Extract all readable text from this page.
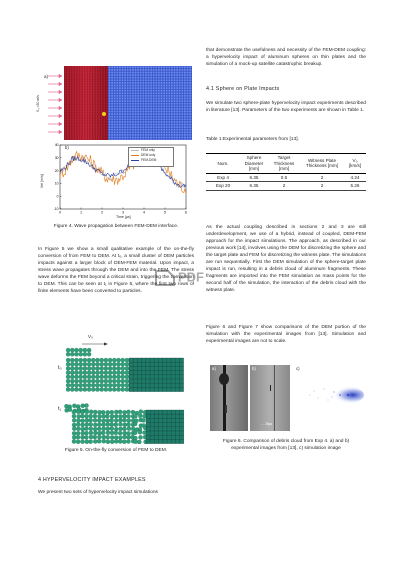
a)
V₀ =50 m/s
b)
Vel [m/s]
40
30
20
10
0
-10
0	1	2	3	4	5	6
FEM only
DEM only
FEM-DEM
Time [µs]

Figure 4. Wave propagation between FEM-DEM interface.

In Figure 5 we show a small qualitative example of the on-the-fly conversion of from FEM to DEM. At t₀, a small cluster of DEM particles impacts against a larger block of DEM-FEM material. Upon impact, a stress wave propagates through the DEM and into the FEM. The stress wave deforms the FEM beyond a critical strain, triggering the conversion to DEM. This can be seen at t₁ in Figure 5, where the first two rows of finite elements have been converted to particles.

V₀
t₀
t₁

Figure 5. On-the-fly conversion of FEM to DEM.

4 HYPERVELOCITY IMPACT EXAMPLES

We present two sets of hypervelocity impact simulations

PDF

that demonstrate the usefulness and necessity of the FEM-DEM coupling: a hypervelocity impact of aluminum spheres on thin plates and the simulation of a mock-up satellite catastrophic breakup.

4.1 Sphere on Plate Impacts

We simulate two sphere-plate hypervelocity impact experiments described in literature [13]. Parameters of the two experiments are shown in Table 1.

Table 1:Experimental parameters from [13].

Num.	Sphere Diameter [mm]	Target Thickness [mm]	Witness Plate Thickness [mm]	V₀ [km/s]
Exp 4	6.35	0.5	2	4.24
Exp 20	6.35	2	2	5.26

As the actual coupling described in sections 2 and 3 are still underdevelopment, we use of a hybrid, instead of coupled, DEM-FEM approach for the impact simulations. The approach, as described in our previous work [14], involves using the DEM for discretizing the sphere and the target plate and FEM for discretizing the witness plate. The simulations are run sequentially. First the DEM simulation of the sphere-target plate impact is run, resulting in a debris cloud of aluminum fragments. These fragments are imported into the FEM simulation as mass points for the second half of the simulation, the interaction of the debris cloud with the witness plate.

Figure 6 and Figure 7 show comparisons of the DEM portion of the simulation with the experimental images from [13]. Simulation and experimental images are not to scale.

a)	b)
← 25μs
c)

Figure 6. Comparison of debris cloud from Exp 4. a) and b) experimental images from [13], c) simulation image
